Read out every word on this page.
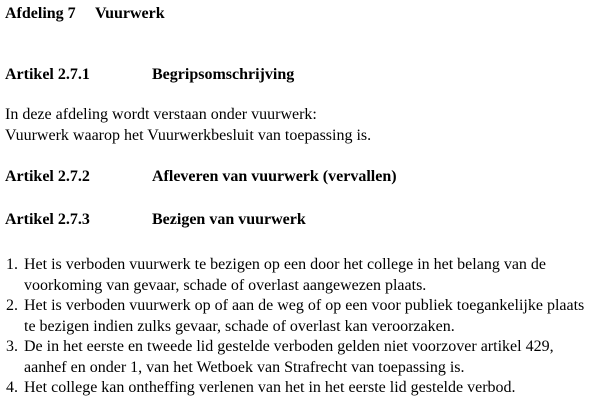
Afdeling 7	Vuurwerk
Artikel 2.7.1	Begripsomschrijving
In deze afdeling wordt verstaan onder vuurwerk:
Vuurwerk waarop het Vuurwerkbesluit van toepassing is.
Artikel 2.7.2	Afleveren van vuurwerk (vervallen)
Artikel 2.7.3	Bezigen van vuurwerk
1. Het is verboden vuurwerk te bezigen op een door het college in het belang van de voorkoming van gevaar, schade of overlast aangewezen plaats.
2. Het is verboden vuurwerk op of aan de weg of op een voor publiek toegankelijke plaats te bezigen indien zulks gevaar, schade of overlast kan veroorzaken.
3. De in het eerste en tweede lid gestelde verboden gelden niet voorzover artikel 429, aanhef en onder 1, van het Wetboek van Strafrecht van toepassing is.
4. Het college kan ontheffing verlenen van het in het eerste lid gestelde verbod.
